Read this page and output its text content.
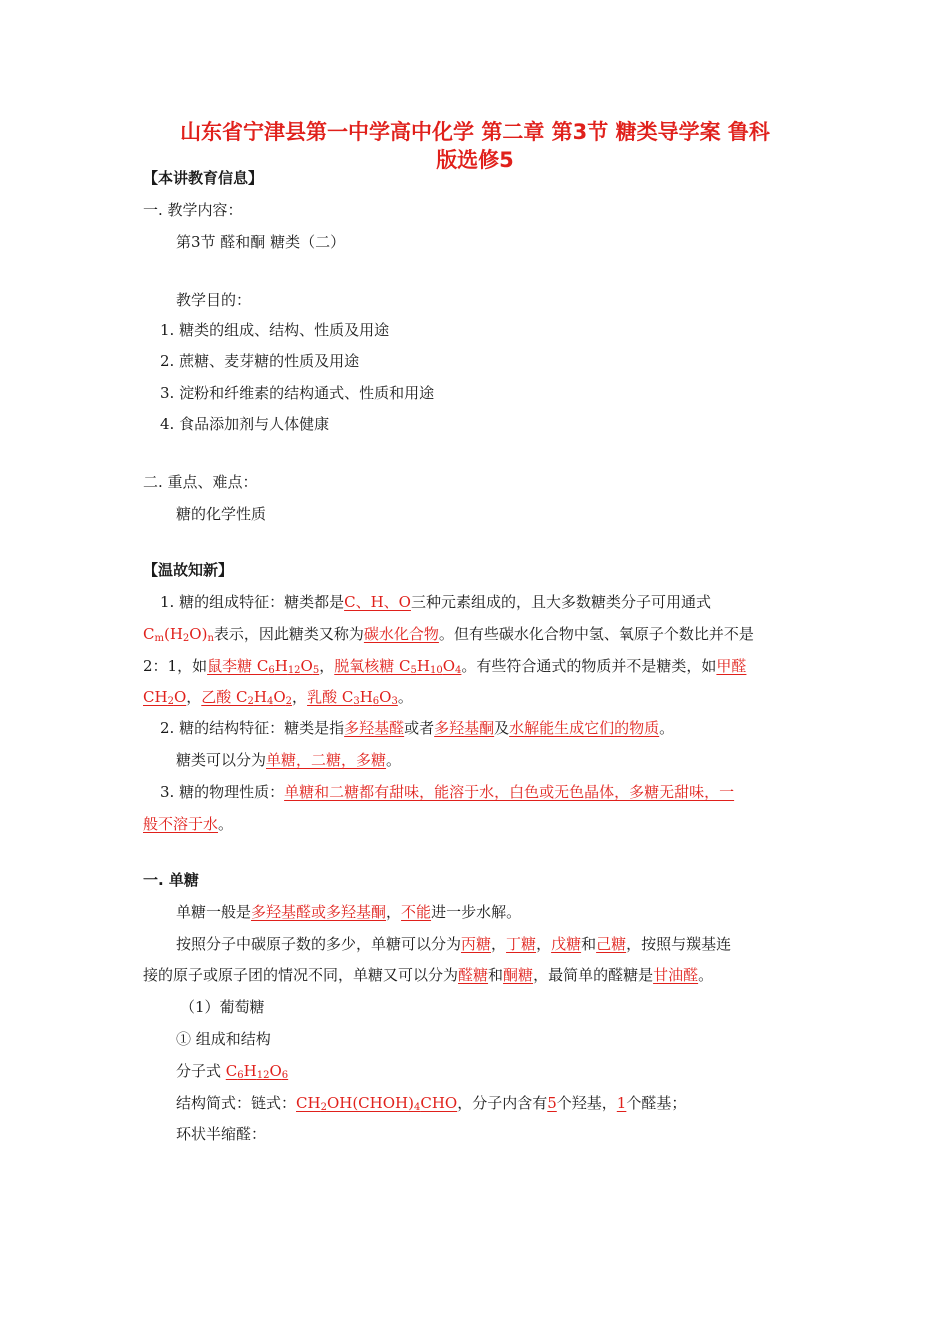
山东省宁津县第一中学高中化学 第二章 第3节 糖类导学案 鲁科
版选修5
【本讲教育信息】
一. 教学内容：
第3节 醛和酮 糖类（二）
教学目的：
1. 糖类的组成、结构、性质及用途
2. 蔗糖、麦芽糖的性质及用途
3. 淀粉和纤维素的结构通式、性质和用途
4. 食品添加剂与人体健康
二. 重点、难点：
糖的化学性质
【温故知新】
1. 糖的组成特征：糖类都是C、H、O三种元素组成的，且大多数糖类分子可用通式
$C_m(H_2O)_n$表示，因此糖类又称为碳水化合物。但有些碳水化合物中氢、氧原子个数比并不是
2：1，如鼠李糖 $C_6H_{12}O_5$，脱氧核糖 $C_5H_{10}O_4$。有些符合通式的物质并不是糖类，如甲醛
$CH_2O$，乙酸 $C_2H_4O_2$，乳酸 $C_3H_6O_3$。
2. 糖的结构特征：糖类是指多羟基醛或者多羟基酮及水解能生成它们的物质。
糖类可以分为单糖，二糖，多糖。
3. 糖的物理性质：单糖和二糖都有甜味，能溶于水，白色或无色晶体，多糖无甜味，一
般不溶于水。
一. 单糖
单糖一般是多羟基醛或多羟基酮，不能进一步水解。
按照分子中碳原子数的多少，单糖可以分为丙糖，丁糖，戊糖和己糖，按照与羰基连
接的原子或原子团的情况不同，单糖又可以分为醛糖和酮糖，最简单的醛糖是甘油醛。
（1）葡萄糖
① 组成和结构
分子式 $C_6H_{12}O_6$
结构简式：链式：$CH_2OH(CHOH)_4CHO$，分子内含有5个羟基，1个醛基；
环状半缩醛：
